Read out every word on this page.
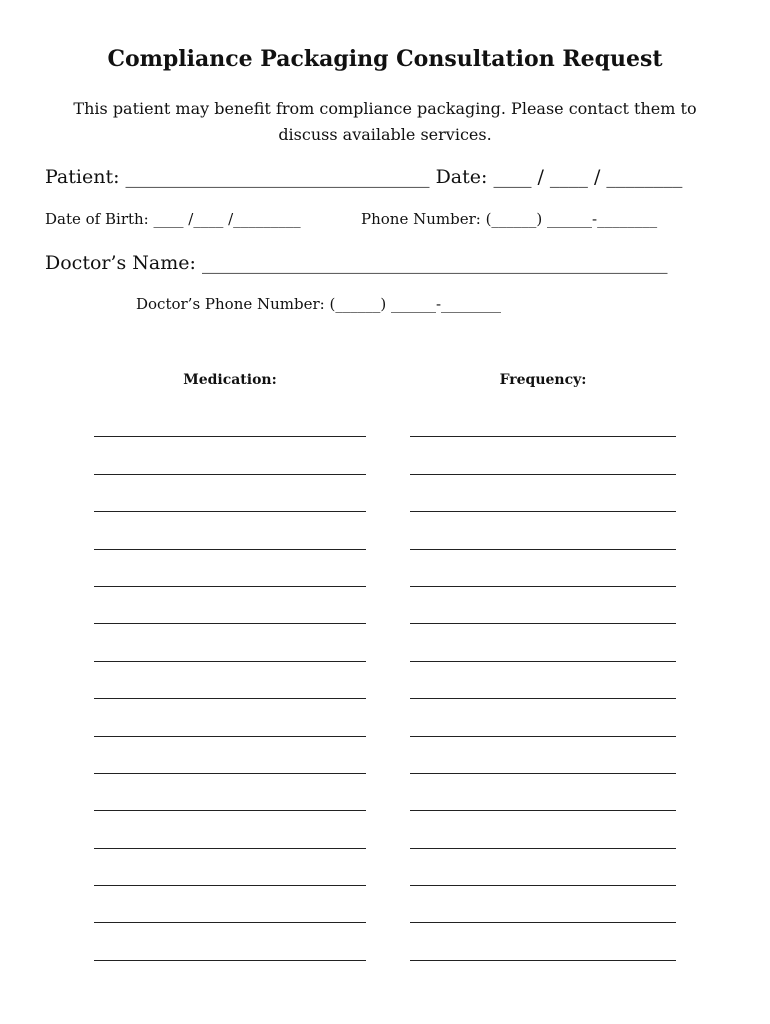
Compliance Packaging Consultation Request
This patient may benefit from compliance packaging. Please contact them to discuss available services.
Patient: ________________________________ Date: ____ / ____ / ________
Date of Birth: ____ /____ /_________	Phone Number: (______) ______-________
Doctor’s Name: _________________________________________________
Doctor’s Phone Number: (______) ______-________
Medication:	Frequency:
